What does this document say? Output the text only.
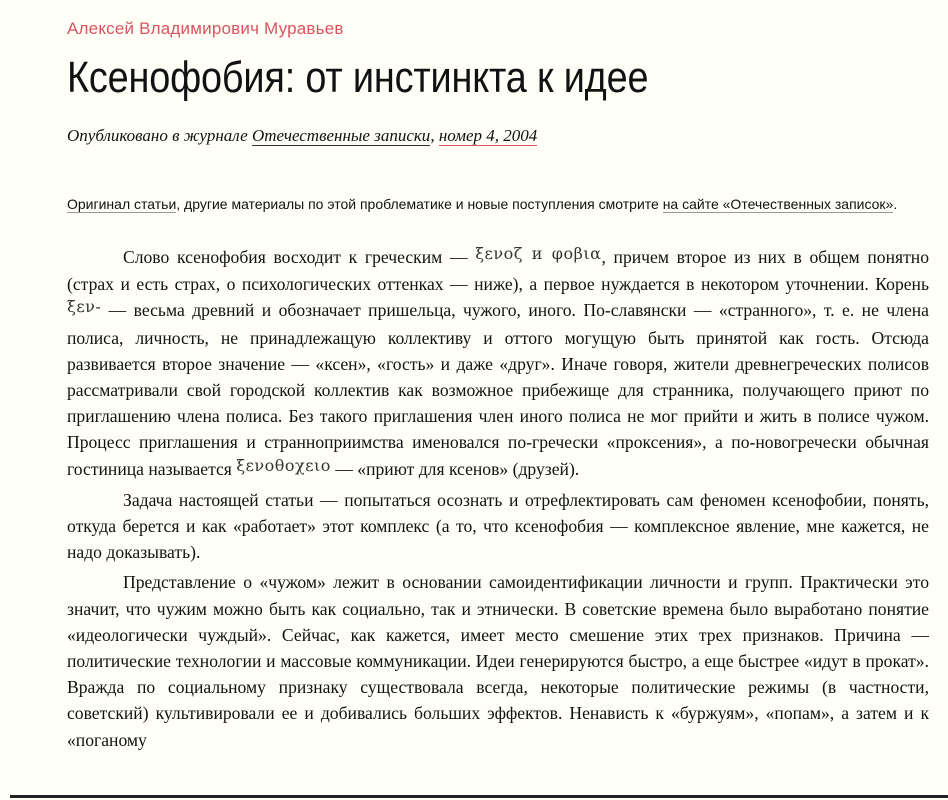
Алексей Владимирович Муравьев
Ксенофобия: от инстинкта к идее
Опубликовано в журнале Отечественные записки, номер 4, 2004
Оригинал статьи, другие материалы по этой проблематике и новые поступления смотрите на сайте «Отечественных записок».

Слово ксенофобия восходит к греческим — ξενοζ и φοβια, причем второе из них в общем понятно (страх и есть страх, о психологических оттенках — ниже), а первое нуждается в некотором уточнении. Корень ξεν- — весьма древний и обозначает пришельца, чужого, иного. По-славянски — «странного», т. е. не члена полиса, личность, не принадлежащую коллективу и оттого могущую быть принятой как гость. Отсюда развивается второе значение — «ксен», «гость» и даже «друг». Иначе говоря, жители древнегреческих полисов рассматривали свой городской коллектив как возможное прибежище для странника, получающего приют по приглашению члена полиса. Без такого приглашения член иного полиса не мог прийти и жить в полисе чужом. Процесс приглашения и странноприимства именовался по-гречески «проксения», а по-новогречески обычная гостиница называется ξενοθοχειο — «приют для ксенов» (друзей).

Задача настоящей статьи — попытаться осознать и отрефлектировать сам феномен ксенофобии, понять, откуда берется и как «работает» этот комплекс (а то, что ксенофобия — комплексное явление, мне кажется, не надо доказывать).

Представление о «чужом» лежит в основании самоидентификации личности и групп. Практически это значит, что чужим можно быть как социально, так и этнически. В советские времена было выработано понятие «идеологически чуждый». Сейчас, как кажется, имеет место смешение этих трех признаков. Причина — политические технологии и массовые коммуникации. Идеи генерируются быстро, а еще быстрее «идут в прокат». Вражда по социальному признаку существовала всегда, некоторые политические режимы (в частности, советский) культивировали ее и добивались больших эффектов. Ненависть к «буржуям», «попам», а затем и к «поганому
